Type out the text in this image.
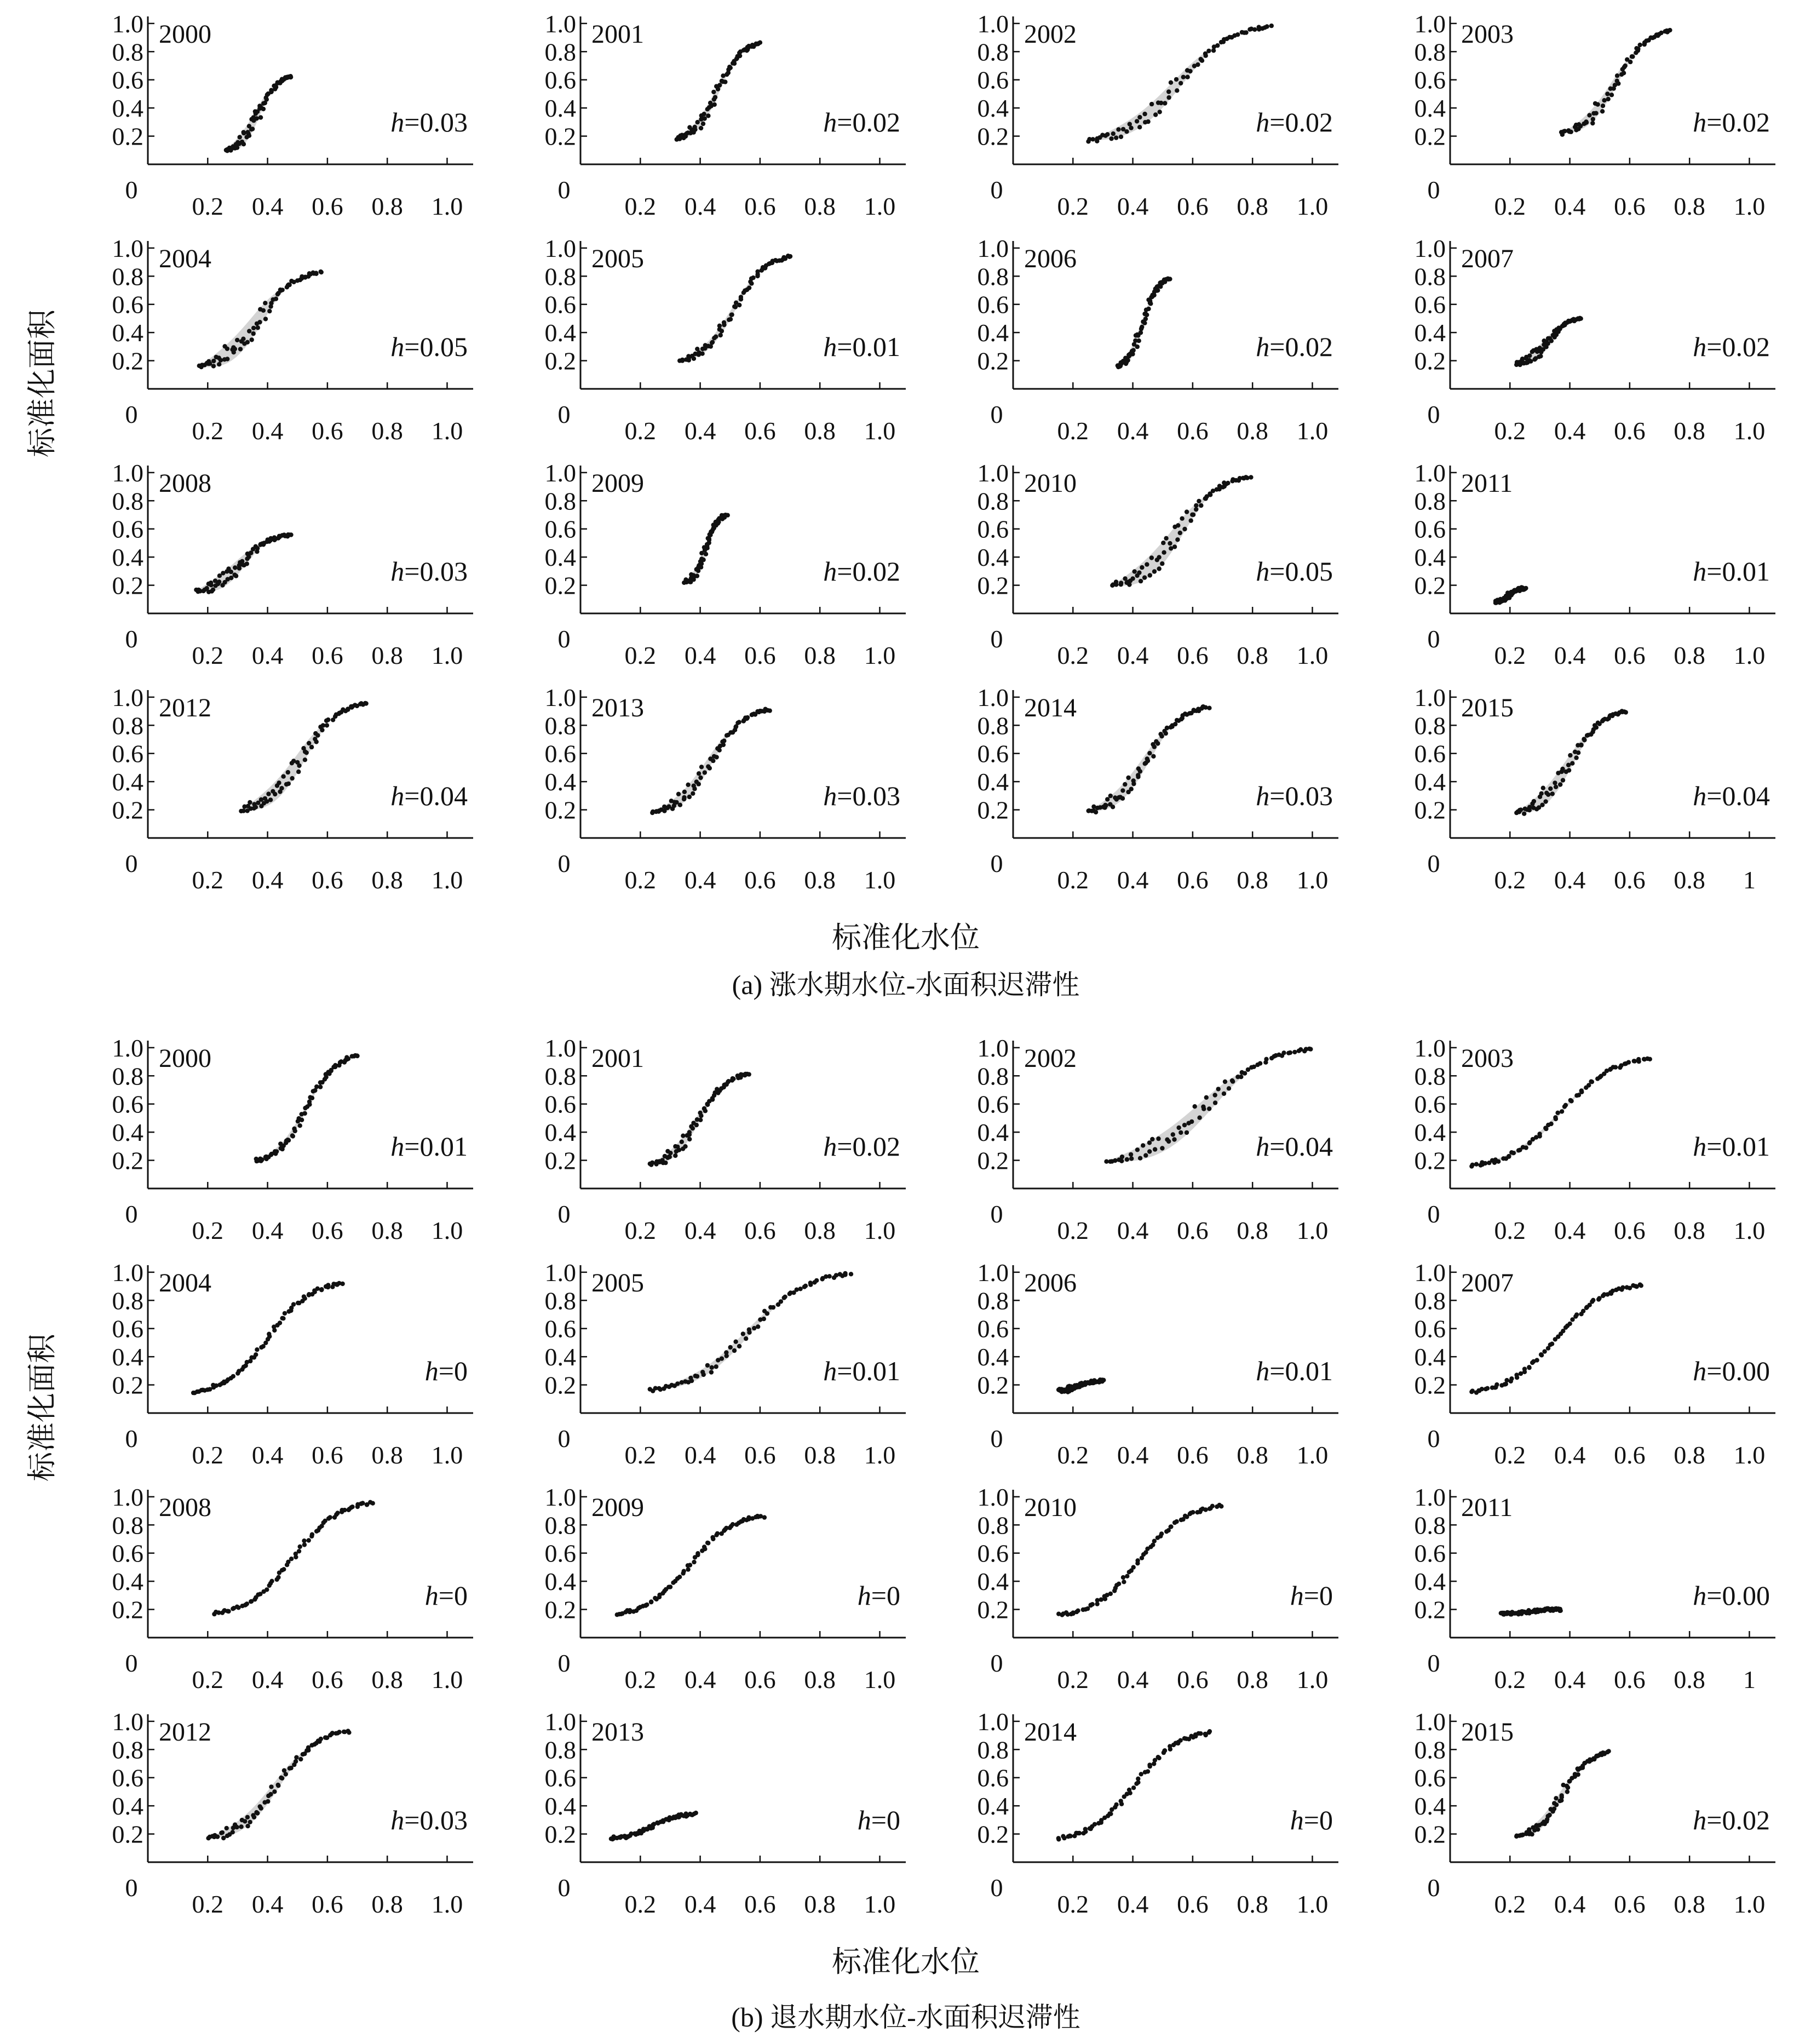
0.2
0.4
0.6
0.8
1.0
0.2 0.4 0.6 0.8 1.0
0
2000
h=0.03	0.2
0.4
0.6
0.8
1.0
0.2 0.4 0.6 0.8 1.0
0
2001
h=0.02	0.2
0.4
0.6
0.8
1.0
0.2 0.4 0.6 0.8 1.0
0
2002
h=0.02	0.2
0.4
0.6
0.8
1.0
0.2 0.4 0.6 0.8 1.0
0
2003
h=0.02
0.2
0.4
0.6
0.8
1.0
0.2 0.4 0.6 0.8 1.0
0
2004
h=0.05	0.2
0.4
0.6
0.8
1.0
0.2 0.4 0.6 0.8 1.0
0
2005
h=0.01	0.2
0.4
0.6
0.8
1.0
0.2 0.4 0.6 0.8 1.0
0
2006
h=0.02	0.2
0.4
0.6
0.8
1.0
0.2 0.4 0.6 0.8 1.0
0
2007
h=0.02
0.2
0.4
0.6
0.8
1.0
0.2 0.4 0.6 0.8 1.0
0
2008
h=0.03	0.2
0.4
0.6
0.8
1.0
0.2 0.4 0.6 0.8 1.0
0
2009
h=0.02	0.2
0.4
0.6
0.8
1.0
0.2 0.4 0.6 0.8 1.0
0
2010
h=0.05	0.2
0.4
0.6
0.8
1.0
0.2 0.4 0.6 0.8 1.0
0
2011
h=0.01
0.2
0.4
0.6
0.8
1.0
0.2 0.4 0.6 0.8 1.0
0
2012
h=0.04	0.2
0.4
0.6
0.8
1.0
0.2 0.4 0.6 0.8 1.0
0
2013
h=0.03	0.2
0.4
0.6
0.8
1.0
0.2 0.4 0.6 0.8 1.0
0
2014
h=0.03	0.2
0.4
0.6
0.8
1.0
0.2 0.4 0.6 0.8 1
0
2015
h=0.04
标准化水位
(a) 涨水期水位-水面积迟滞性
标准化面积
0.2
0.4
0.6
0.8
1.0
0.2 0.4 0.6 0.8 1.0
0
2000
h=0.01	0.2
0.4
0.6
0.8
1.0
0.2 0.4 0.6 0.8 1.0
0
2001
h=0.02	0.2
0.4
0.6
0.8
1.0
0.2 0.4 0.6 0.8 1.0
0
2002
h=0.04	0.2
0.4
0.6
0.8
1.0
0.2 0.4 0.6 0.8 1.0
0
2003
h=0.01
0.2
0.4
0.6
0.8
1.0
0.2 0.4 0.6 0.8 1.0
0
2004
h=0	0.2
0.4
0.6
0.8
1.0
0.2 0.4 0.6 0.8 1.0
0
2005
h=0.01	0.2
0.4
0.6
0.8
1.0
0.2 0.4 0.6 0.8 1.0
0
2006
h=0.01	0.2
0.4
0.6
0.8
1.0
0.2 0.4 0.6 0.8 1.0
0
2007
h=0.00
0.2
0.4
0.6
0.8
1.0
0.2 0.4 0.6 0.8 1.0
0
2008
h=0	0.2
0.4
0.6
0.8
1.0
0.2 0.4 0.6 0.8 1.0
0
2009
h=0	0.2
0.4
0.6
0.8
1.0
0.2 0.4 0.6 0.8 1.0
0
2010
h=0	0.2
0.4
0.6
0.8
1.0
0.2 0.4 0.6 0.8 1
0
2011
h=0.00
0.2
0.4
0.6
0.8
1.0
0.2 0.4 0.6 0.8 1.0
0
2012
h=0.03	0.2
0.4
0.6
0.8
1.0
0.2 0.4 0.6 0.8 1.0
0
2013
h=0	0.2
0.4
0.6
0.8
1.0
0.2 0.4 0.6 0.8 1.0
0
2014
h=0	0.2
0.4
0.6
0.8
1.0
0.2 0.4 0.6 0.8 1.0
0
2015
h=0.02
标准化水位
(b) 退水期水位-水面积迟滞性
标准化面积
